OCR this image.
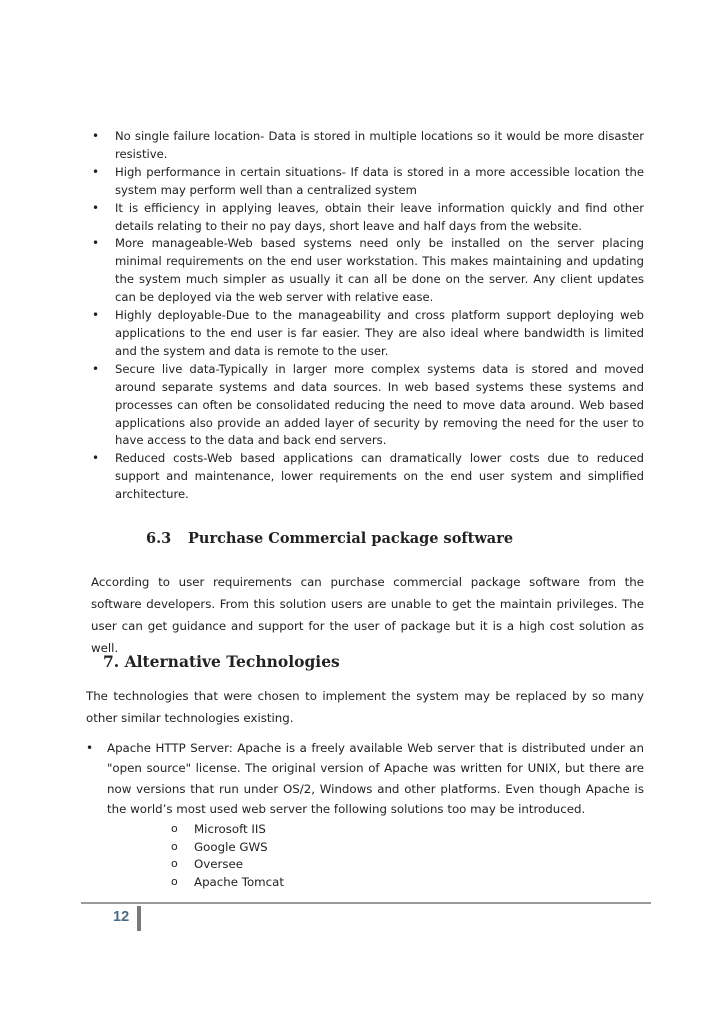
• No single failure location- Data is stored in multiple locations so it would be more disaster resistive.
• High performance in certain situations- If data is stored in a more accessible location the system may perform well than a centralized system
• It is efficiency in applying leaves, obtain their leave information quickly and find other details relating to their no pay days, short leave and half days from the website.
• More manageable-Web based systems need only be installed on the server placing minimal requirements on the end user workstation. This makes maintaining and updating the system much simpler as usually it can all be done on the server. Any client updates can be deployed via the web server with relative ease.
• Highly deployable-Due to the manageability and cross platform support deploying web applications to the end user is far easier. They are also ideal where bandwidth is limited and the system and data is remote to the user.
• Secure live data-Typically in larger more complex systems data is stored and moved around separate systems and data sources. In web based systems these systems and processes can often be consolidated reducing the need to move data around. Web based applications also provide an added layer of security by removing the need for the user to have access to the data and back end servers.
• Reduced costs-Web based applications can dramatically lower costs due to reduced support and maintenance, lower requirements on the end user system and simplified architecture.
6.3 Purchase Commercial package software

According to user requirements can purchase commercial package software from the software developers. From this solution users are unable to get the maintain privileges. The user can get guidance and support for the user of package but it is a high cost solution as well.

7. Alternative Technologies

The technologies that were chosen to implement the system may be replaced by so many other similar technologies existing.

• Apache HTTP Server: Apache is a freely available Web server that is distributed under an "open source" license. The original version of Apache was written for UNIX, but there are now versions that run under OS/2, Windows and other platforms. Even though Apache is the world’s most used web server the following solutions too may be introduced.
o Microsoft IIS
o Google GWS
o Oversee
o Apache Tomcat
12
